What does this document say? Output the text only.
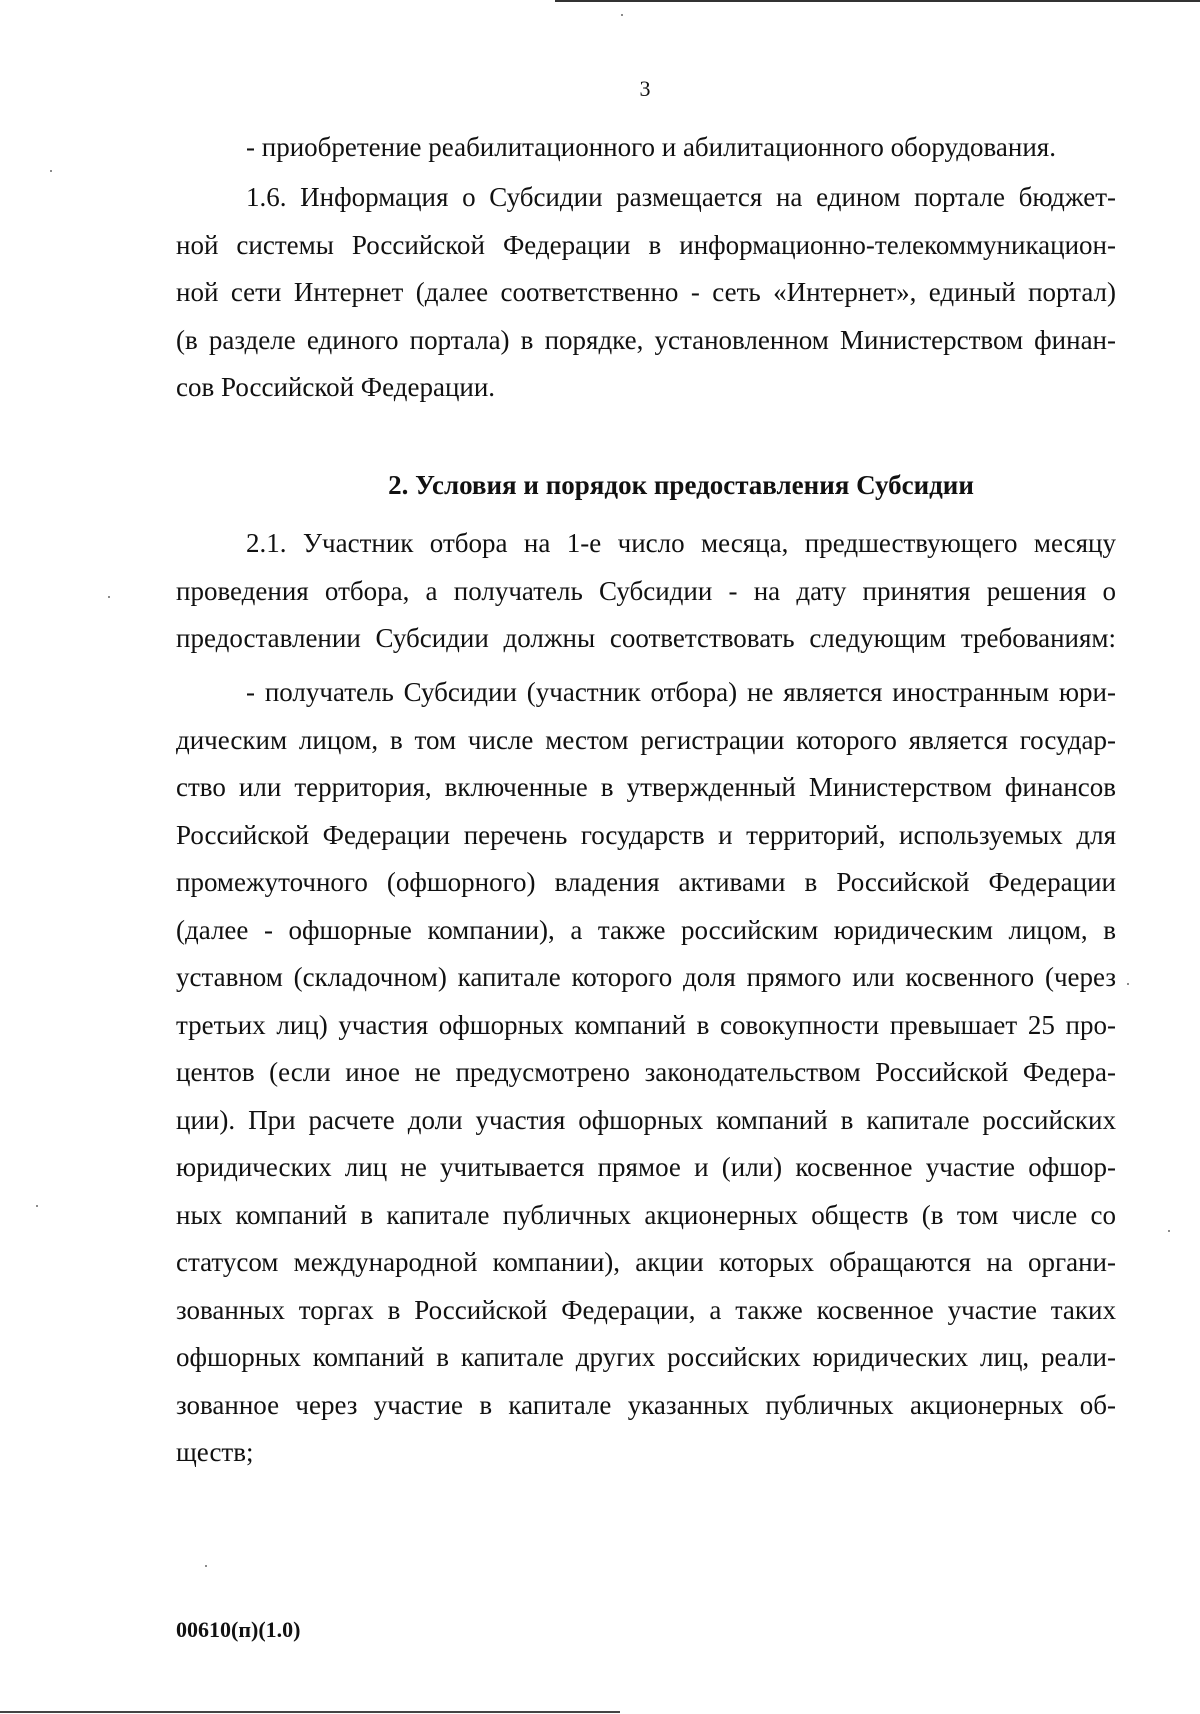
3
- приобретение реабилитационного и абилитационного оборудования.
1.6. Информация о Субсидии размещается на едином портале бюджет-
ной системы Российской Федерации в информационно-телекоммуникацион-
ной сети Интернет (далее соответственно - сеть «Интернет», единый портал)
(в разделе единого портала) в порядке, установленном Министерством финан-
сов Российской Федерации.
2. Условия и порядок предоставления Субсидии
2.1. Участник отбора на 1-е число месяца, предшествующего месяцу
проведения отбора, а получатель Субсидии - на дату принятия решения о
предоставлении Субсидии должны соответствовать следующим требованиям:
- получатель Субсидии (участник отбора) не является иностранным юри-
дическим лицом, в том числе местом регистрации которого является государ-
ство или территория, включенные в утвержденный Министерством финансов
Российской Федерации перечень государств и территорий, используемых для
промежуточного (офшорного) владения активами в Российской Федерации
(далее - офшорные компании), а также российским юридическим лицом, в
уставном (складочном) капитале которого доля прямого или косвенного (через
третьих лиц) участия офшорных компаний в совокупности превышает 25 про-
центов (если иное не предусмотрено законодательством Российской Федера-
ции). При расчете доли участия офшорных компаний в капитале российских
юридических лиц не учитывается прямое и (или) косвенное участие офшор-
ных компаний в капитале публичных акционерных обществ (в том числе со
статусом международной компании), акции которых обращаются на органи-
зованных торгах в Российской Федерации, а также косвенное участие таких
офшорных компаний в капитале других российских юридических лиц, реали-
зованное через участие в капитале указанных публичных акционерных об-
ществ;
00610(п)(1.0)
